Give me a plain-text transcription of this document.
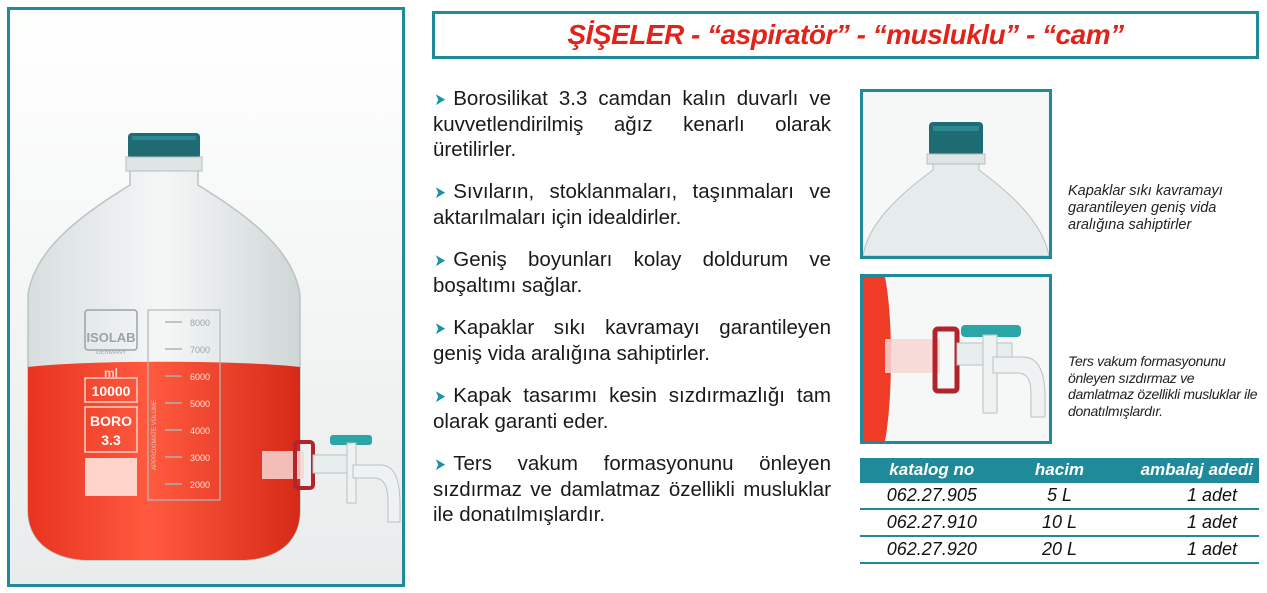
ISOLAB
GERMANY
ml
10000
BORO
3.3	APPROXIMATE VOLUME
8000
7000
6000
5000
4000
3000
2000
ŞİŞELER - “aspiratör” - “musluklu” - “cam”
➤ Borosilikat 3.3 camdan kalın duvarlı ve kuvvetlendirilmiş ağız kenarlı olarak üretilirler.
➤ Sıvıların, stoklanmaları, taşınmaları ve aktarılmaları için idealdirler.
➤ Geniş boyunları kolay doldurum ve boşaltımı sağlar.
➤ Kapaklar sıkı kavramayı garantileyen geniş vida aralığına sahiptirler.
➤ Kapak tasarımı kesin sızdırmazlığı tam olarak garanti eder.
➤ Ters vakum formasyonunu önleyen sızdırmaz ve damlatmaz özellikli musluklar ile donatılmışlardır.
Kapaklar sıkı kavramayı garantileyen geniş vida aralığına sahiptirler
Ters vakum formasyonunu önleyen sızdırmaz ve damlatmaz özellikli musluklar ile donatılmışlardır.
katalog no	hacim	ambalaj adedi
062.27.905	5 L	1 adet
062.27.910	10 L	1 adet
062.27.920	20 L	1 adet
